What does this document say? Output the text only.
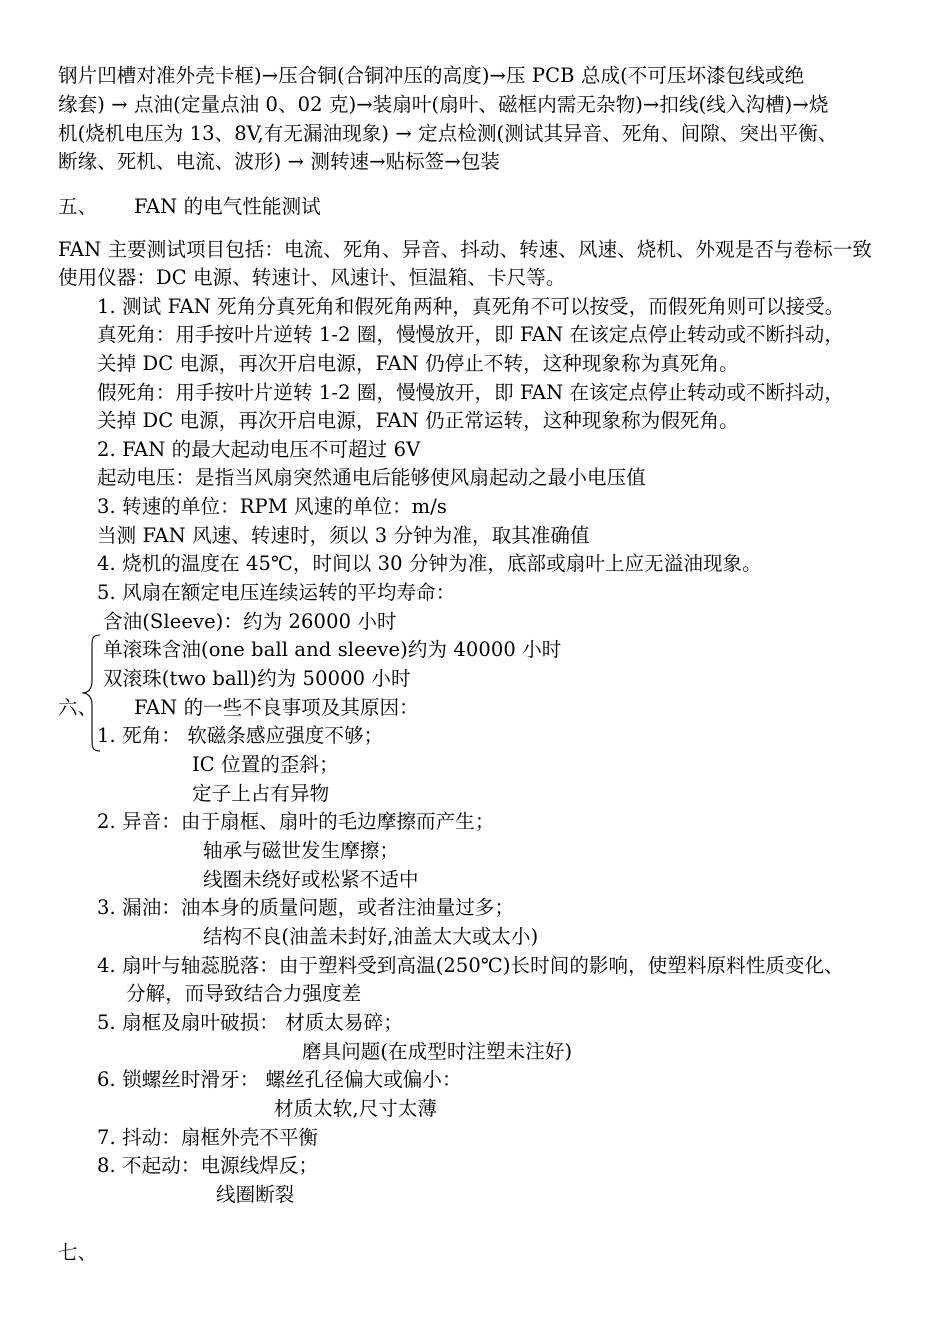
钢片凹槽对准外壳卡框)→压合铜(合铜冲压的高度)→压 PCB 总成(不可压坏漆包线或绝
缘套) → 点油(定量点油 0、02 克)→装扇叶(扇叶、磁框内需无杂物)→扣线(线入沟槽)→烧
机(烧机电压为 13、8V,有无漏油现象) → 定点检测(测试其异音、死角、间隙、突出平衡、
断缘、死机、电流、波形) → 测转速→贴标签→包装
五、 FAN 的电气性能测试
FAN 主要测试项目包括：电流、死角、异音、抖动、转速、风速、烧机、外观是否与卷标一致
使用仪器：DC 电源、转速计、风速计、恒温箱、卡尺等。
1. 测试 FAN 死角分真死角和假死角两种，真死角不可以按受，而假死角则可以接受。
真死角：用手按叶片逆转 1-2 圈，慢慢放开，即 FAN 在该定点停止转动或不断抖动，
关掉 DC 电源，再次开启电源，FAN 仍停止不转，这种现象称为真死角。
假死角：用手按叶片逆转 1-2 圈，慢慢放开，即 FAN 在该定点停止转动或不断抖动，
关掉 DC 电源，再次开启电源，FAN 仍正常运转，这种现象称为假死角。
2. FAN 的最大起动电压不可超过 6V
起动电压：是指当风扇突然通电后能够使风扇起动之最小电压值
3. 转速的单位：RPM 风速的单位：m/s
当测 FAN 风速、转速时，须以 3 分钟为准，取其准确值
4. 烧机的温度在 45℃，时间以 30 分钟为准，底部或扇叶上应无溢油现象。
5. 风扇在额定电压连续运转的平均寿命：
含油(Sleeve)：约为 26000 小时
单滚珠含油(one ball and sleeve)约为 40000 小时
双滚珠(two ball)约为 50000 小时
六、 FAN 的一些不良事项及其原因：
1. 死角： 软磁条感应强度不够；
IC 位置的歪斜；
定子上占有异物
2. 异音：由于扇框、扇叶的毛边摩擦而产生；
轴承与磁世发生摩擦；
线圈未绕好或松紧不适中
3. 漏油：油本身的质量问题，或者注油量过多；
结构不良(油盖未封好,油盖太大或太小)
4. 扇叶与轴蕊脱落：由于塑料受到高温(250℃)长时间的影响，使塑料原料性质变化、
分解，而导致结合力强度差
5. 扇框及扇叶破损： 材质太易碎；
磨具问题(在成型时注塑未注好)
6. 锁螺丝时滑牙： 螺丝孔径偏大或偏小：
材质太软,尺寸太薄
7. 抖动：扇框外壳不平衡
8. 不起动：电源线焊反；
线圈断裂
七、
